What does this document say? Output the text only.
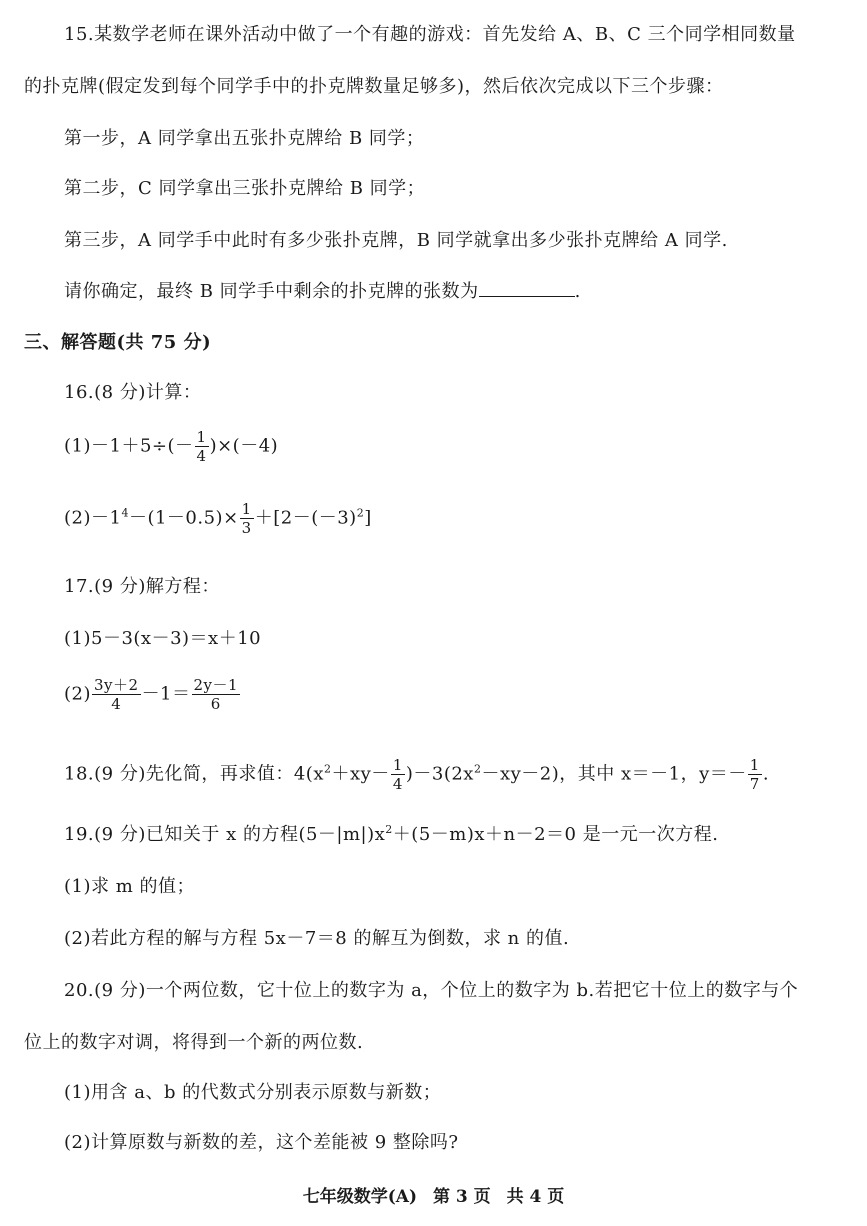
15.某数学老师在课外活动中做了一个有趣的游戏：首先发给 A、B、C 三个同学相同数量
的扑克牌(假定发到每个同学手中的扑克牌数量足够多)，然后依次完成以下三个步骤：
第一步，A 同学拿出五张扑克牌给 B 同学；
第二步，C 同学拿出三张扑克牌给 B 同学；
第三步，A 同学手中此时有多少张扑克牌，B 同学就拿出多少张扑克牌给 A 同学.
请你确定，最终 B 同学手中剩余的扑克牌的张数为	.
三、解答题(共 75 分)
16.(8 分)计算：
$(1)-1+5\div(- \frac{1}{4} )\times(-4)$
$(2)-1^4-(1-0.5)\times \frac{1}{3} +[2-(-3)^2]$
17.(9 分)解方程：
(1)5－3(x－3)＝x＋10
$(2) \frac{3y+2}{4} -1= \frac{2y-1}{6}$
18.(9 分)先化简，再求值：$4(x^2+xy- \frac{1}{4} )-3(2x^2-xy-2)$，其中 x＝－1，$y=- \frac{1}{7}$ .
19.(9 分)已知关于 x 的方程$(5-|m|)x^2+(5-m)x+n-2=0$ 是一元一次方程.
(1)求 m 的值；
(2)若此方程的解与方程 5x－7＝8 的解互为倒数，求 n 的值.
20.(9 分)一个两位数，它十位上的数字为 a，个位上的数字为 b.若把它十位上的数字与个
位上的数字对调，将得到一个新的两位数.
(1)用含 a、b 的代数式分别表示原数与新数；
(2)计算原数与新数的差，这个差能被 9 整除吗?
七年级数学(A) 第 3 页 共 4 页
